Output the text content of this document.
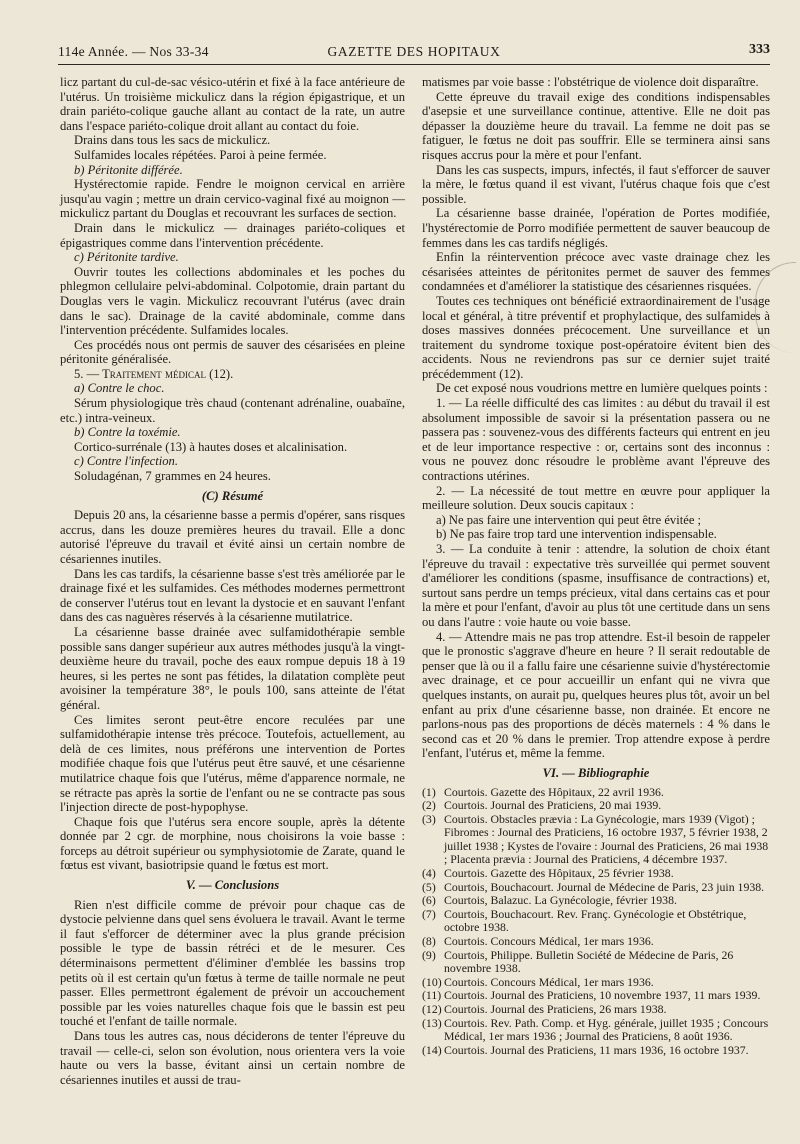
114e Année. — Nos 33-34	GAZETTE DES HOPITAUX	333

licz partant du cul-de-sac vésico-utérin et fixé à la face antérieure de l'utérus. Un troisième mickulicz dans la région épigastrique, et un drain pariéto-colique gauche allant au contact de la rate, un autre dans l'espace pariéto-colique droit allant au contact du foie.

Drains dans tous les sacs de mickulicz.

Sulfamides locales répétées. Paroi à peine fermée.

b) Péritonite différée.

Hystérectomie rapide. Fendre le moignon cervical en arrière jusqu'au vagin ; mettre un drain cervico-vaginal fixé au moignon — mickulicz partant du Douglas et recouvrant les surfaces de section.

Drain dans le mickulicz — drainages pariéto-coliques et épigastriques comme dans l'intervention précédente.

c) Péritonite tardive.

Ouvrir toutes les collections abdominales et les poches du phlegmon cellulaire pelvi-abdominal. Colpotomie, drain partant du Douglas vers le vagin. Mickulicz recouvrant l'utérus (avec drain dans le sac). Drainage de la cavité abdominale, comme dans l'intervention précédente. Sulfamides locales.

Ces procédés nous ont permis de sauver des césarisées en pleine péritonite généralisée.

5. — Traitement médical (12).

a) Contre le choc.

Sérum physiologique très chaud (contenant adrénaline, ouabaïne, etc.) intra-veineux.

b) Contre la toxémie.

Cortico-surrénale (13) à hautes doses et alcalinisation.

c) Contre l'infection.

Soludagénan, 7 grammes en 24 heures.

(C) Résumé

Depuis 20 ans, la césarienne basse a permis d'opérer, sans risques accrus, dans les douze premières heures du travail. Elle a donc autorisé l'épreuve du travail et évité ainsi un certain nombre de césariennes inutiles.

Dans les cas tardifs, la césarienne basse s'est très améliorée par le drainage fixé et les sulfamides. Ces méthodes modernes permettront de conserver l'utérus tout en levant la dystocie et en sauvant l'enfant dans des cas naguères réservés à la césarienne mutilatrice.

La césarienne basse drainée avec sulfamidothérapie semble possible sans danger supérieur aux autres méthodes jusqu'à la vingt-deuxième heure du travail, poche des eaux rompue depuis 18 à 19 heures, si les pertes ne sont pas fétides, la dilatation complète peut avoisiner la température 38°, le pouls 100, sans atteinte de l'état général.

Ces limites seront peut-être encore reculées par une sulfamidothérapie intense très précoce. Toutefois, actuellement, au delà de ces limites, nous préférons une intervention de Portes modifiée chaque fois que l'utérus peut être sauvé, et une césarienne mutilatrice chaque fois que l'utérus, même d'apparence normale, ne se rétracte pas après la sortie de l'enfant ou ne se contracte pas sous l'injection directe de post-hypophyse.

Chaque fois que l'utérus sera encore souple, après la détente donnée par 2 cgr. de morphine, nous choisirons la voie basse : forceps au détroit supérieur ou symphysiotomie de Zarate, quand le fœtus est vivant, basiotripsie quand le fœtus est mort.

V. — Conclusions

Rien n'est difficile comme de prévoir pour chaque cas de dystocie pelvienne dans quel sens évoluera le travail. Avant le terme il faut s'efforcer de déterminer avec la plus grande précision possible le type de bassin rétréci et de le mesurer. Ces déterminaisons permettent d'éliminer d'emblée les bassins trop petits où il est certain qu'un fœtus à terme de taille normale ne peut passer. Elles permettront également de prévoir un accouchement possible par les voies naturelles chaque fois que le bassin est peu touché et l'enfant de taille normale.

Dans tous les autres cas, nous déciderons de tenter l'épreuve du travail — celle-ci, selon son évolution, nous orientera vers la voie haute ou vers la basse, évitant ainsi un certain nombre de césariennes inutiles et aussi de trau-

matismes par voie basse : l'obstétrique de violence doit disparaître.

Cette épreuve du travail exige des conditions indispensables d'asepsie et une surveillance continue, attentive. Elle ne doit pas dépasser la douzième heure du travail. La femme ne doit pas se fatiguer, le fœtus ne doit pas souffrir. Elle se terminera ainsi sans risques accrus pour la mère et pour l'enfant.

Dans les cas suspects, impurs, infectés, il faut s'efforcer de sauver la mère, le fœtus quand il est vivant, l'utérus chaque fois que c'est possible.

La césarienne basse drainée, l'opération de Portes modifiée, l'hystérectomie de Porro modifiée permettent de sauver beaucoup de femmes dans les cas tardifs négligés.

Enfin la réintervention précoce avec vaste drainage chez les césarisées atteintes de péritonites permet de sauver des femmes condamnées et d'améliorer la statistique des césariennes risquées.

Toutes ces techniques ont bénéficié extraordinairement de l'usage local et général, à titre préventif et prophylactique, des sulfamides à doses massives données précocement. Une surveillance et un traitement du syndrome toxique post-opératoire évitent bien des accidents. Nous ne reviendrons pas sur ce dernier sujet traité précédemment (12).

De cet exposé nous voudrions mettre en lumière quelques points :

1. — La réelle difficulté des cas limites : au début du travail il est absolument impossible de savoir si la présentation passera ou ne passera pas : souvenez-vous des différents facteurs qui entrent en jeu et de leur importance respective : or, certains sont des inconnus : vous ne pouvez donc résoudre le problème avant l'épreuve des contractions utérines.

2. — La nécessité de tout mettre en œuvre pour appliquer la meilleure solution. Deux soucis capitaux :

a) Ne pas faire une intervention qui peut être évitée ;

b) Ne pas faire trop tard une intervention indispensable.

3. — La conduite à tenir : attendre, la solution de choix étant l'épreuve du travail : expectative très surveillée qui permet souvent d'améliorer les conditions (spasme, insuffisance de contractions) et, surtout sans perdre un temps précieux, vital dans certains cas et pour la mère et pour l'enfant, d'avoir au plus tôt une certitude dans un sens ou dans l'autre : voie haute ou voie basse.

4. — Attendre mais ne pas trop attendre. Est-il besoin de rappeler que le pronostic s'aggrave d'heure en heure ? Il serait redoutable de penser que là ou il a fallu faire une césarienne suivie d'hystérectomie avec drainage, et ce pour accueillir un enfant qui ne vivra que quelques instants, on aurait pu, quelques heures plus tôt, avoir un bel enfant au prix d'une césarienne basse, non drainée. Et encore ne parlons-nous pas des proportions de décès maternels : 4 % dans le second cas et 20 % dans le premier. Trop attendre expose à perdre l'enfant, l'utérus et, même la femme.

VI. — Bibliographie
(1) Courtois. Gazette des Hôpitaux, 22 avril 1936.
(2) Courtois. Journal des Praticiens, 20 mai 1939.
(3) Courtois. Obstacles prævia : La Gynécologie, mars 1939 (Vigot) ; Fibromes : Journal des Praticiens, 16 octobre 1937, 5 février 1938, 2 juillet 1938 ; Kystes de l'ovaire : Journal des Praticiens, 26 mai 1938 ; Placenta prævia : Journal des Praticiens, 4 décembre 1937.
(4) Courtois. Gazette des Hôpitaux, 25 février 1938.
(5) Courtois, Bouchacourt. Journal de Médecine de Paris, 23 juin 1938.
(6) Courtois, Balazuc. La Gynécologie, février 1938.
(7) Courtois, Bouchacourt. Rev. Franç. Gynécologie et Obstétrique, octobre 1938.
(8) Courtois. Concours Médical, 1er mars 1936.
(9) Courtois, Philippe. Bulletin Société de Médecine de Paris, 26 novembre 1938.
(10) Courtois. Concours Médical, 1er mars 1936.
(11) Courtois. Journal des Praticiens, 10 novembre 1937, 11 mars 1939.
(12) Courtois. Journal des Praticiens, 26 mars 1938.
(13) Courtois. Rev. Path. Comp. et Hyg. générale, juillet 1935 ; Concours Médical, 1er mars 1936 ; Journal des Praticiens, 8 août 1936.
(14) Courtois. Journal des Praticiens, 11 mars 1936, 16 octobre 1937.
